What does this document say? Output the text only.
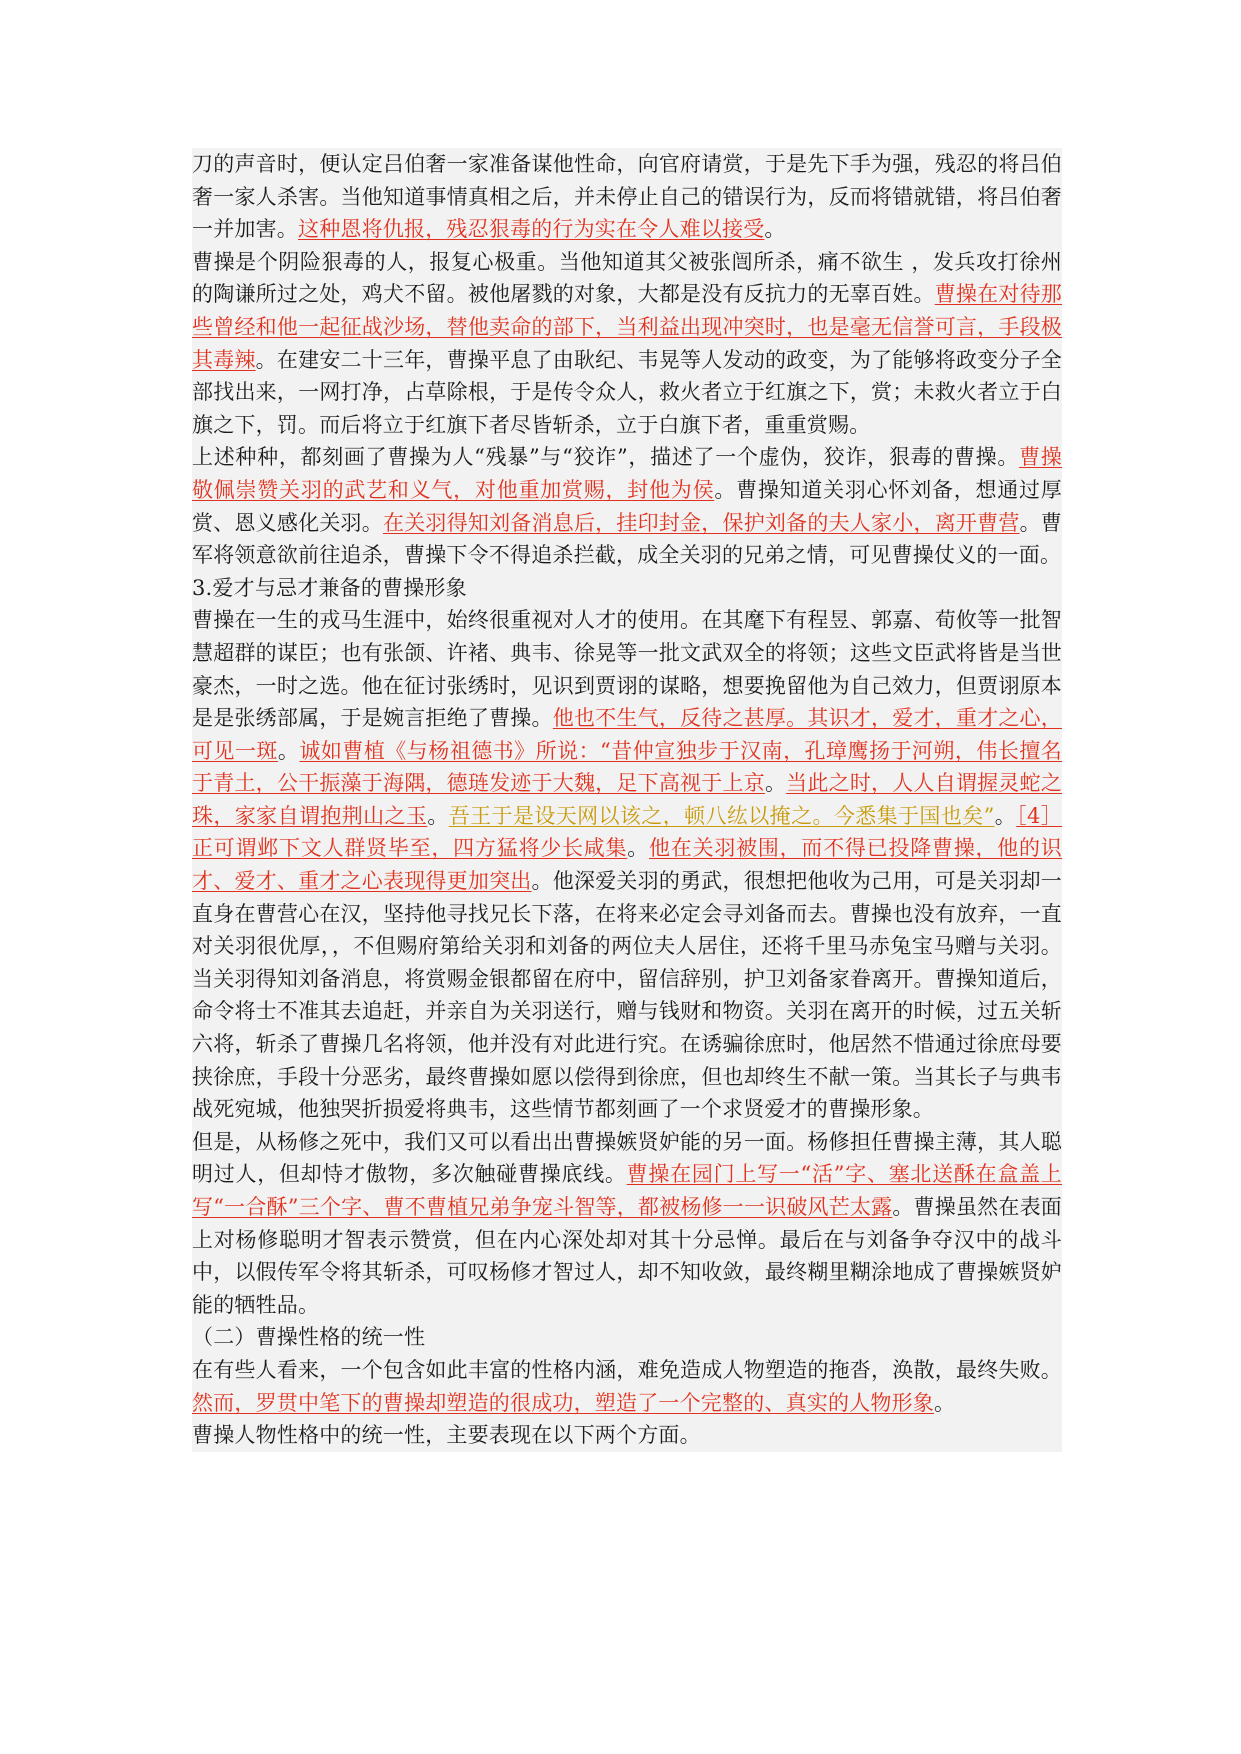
刀的声音时，便认定吕伯奢一家准备谋他性命，向官府请赏，于是先下手为强，残忍的将吕伯奢一家人杀害。当他知道事情真相之后，并未停止自己的错误行为，反而将错就错，将吕伯奢一并加害。这种恩将仇报，残忍狠毒的行为实在令人难以接受。

曹操是个阴险狠毒的人，报复心极重。当他知道其父被张闿所杀，痛不欲生 ，发兵攻打徐州的陶谦所过之处，鸡犬不留。被他屠戮的对象，大都是没有反抗力的无辜百姓。曹操在对待那些曾经和他一起征战沙场，替他卖命的部下，当利益出现冲突时，也是毫无信誉可言，手段极其毒辣。在建安二十三年，曹操平息了由耿纪、韦晃等人发动的政变，为了能够将政变分子全部找出来，一网打净，占草除根，于是传令众人，救火者立于红旗之下，赏；未救火者立于白旗之下，罚。而后将立于红旗下者尽皆斩杀，立于白旗下者，重重赏赐。

上述种种，都刻画了曹操为人“残暴”与“狡诈”，描述了一个虚伪，狡诈，狠毒的曹操。曹操敬佩崇赞关羽的武艺和义气，对他重加赏赐，封他为侯。曹操知道关羽心怀刘备，想通过厚赏、恩义感化关羽。在关羽得知刘备消息后，挂印封金，保护刘备的夫人家小，离开曹营。曹军将领意欲前往追杀，曹操下令不得追杀拦截，成全关羽的兄弟之情，可见曹操仗义的一面。

3.爱才与忌才兼备的曹操形象

曹操在一生的戎马生涯中，始终很重视对人才的使用。在其麾下有程昱、郭嘉、荀攸等一批智慧超群的谋臣；也有张颌、许褚、典韦、徐晃等一批文武双全的将领；这些文臣武将皆是当世豪杰，一时之选。他在征讨张绣时，见识到贾诩的谋略，想要挽留他为自己效力，但贾诩原本是是张绣部属，于是婉言拒绝了曹操。他也不生气，反待之甚厚。其识才，爱才，重才之心，可见一斑。诚如曹植《与杨祖德书》所说：“昔仲宣独步于汉南，孔璋鹰扬于河朔，伟长擅名于青土，公干振藻于海隅，德琏发迹于大魏，足下高视于上京。当此之时，人人自谓握灵蛇之珠，家家自谓抱荆山之玉。吾王于是设天网以该之，顿八纮以掩之。今悉集于国也矣”。［4］正可谓邺下文人群贤毕至，四方猛将少长咸集。他在关羽被围，而不得已投降曹操，他的识才、爱才、重才之心表现得更加突出。他深爱关羽的勇武，很想把他收为己用，可是关羽却一直身在曹营心在汉，坚持他寻找兄长下落，在将来必定会寻刘备而去。曹操也没有放弃，一直对关羽很优厚，，不但赐府第给关羽和刘备的两位夫人居住，还将千里马赤兔宝马赠与关羽。当关羽得知刘备消息，将赏赐金银都留在府中，留信辞别，护卫刘备家眷离开。曹操知道后，命令将士不准其去追赶，并亲自为关羽送行，赠与钱财和物资。关羽在离开的时候，过五关斩六将，斩杀了曹操几名将领，他并没有对此进行究。在诱骗徐庶时，他居然不惜通过徐庶母要挟徐庶，手段十分恶劣，最终曹操如愿以偿得到徐庶，但也却终生不献一策。当其长子与典韦战死宛城，他独哭折损爱将典韦，这些情节都刻画了一个求贤爱才的曹操形象。

但是，从杨修之死中，我们又可以看出出曹操嫉贤妒能的另一面。杨修担任曹操主薄，其人聪明过人，但却恃才傲物，多次触碰曹操底线。曹操在园门上写一“活”字、塞北送酥在盒盖上写“一合酥”三个字、曹不曹植兄弟争宠斗智等，都被杨修一一识破风芒太露。曹操虽然在表面上对杨修聪明才智表示赞赏，但在内心深处却对其十分忌惮。最后在与刘备争夺汉中的战斗中，以假传军令将其斩杀，可叹杨修才智过人，却不知收敛，最终糊里糊涂地成了曹操嫉贤妒能的牺牲品。

（二）曹操性格的统一性

在有些人看来，一个包含如此丰富的性格内涵，难免造成人物塑造的拖沓，涣散，最终失败。然而，罗贯中笔下的曹操却塑造的很成功，塑造了一个完整的、真实的人物形象。

曹操人物性格中的统一性，主要表现在以下两个方面。
